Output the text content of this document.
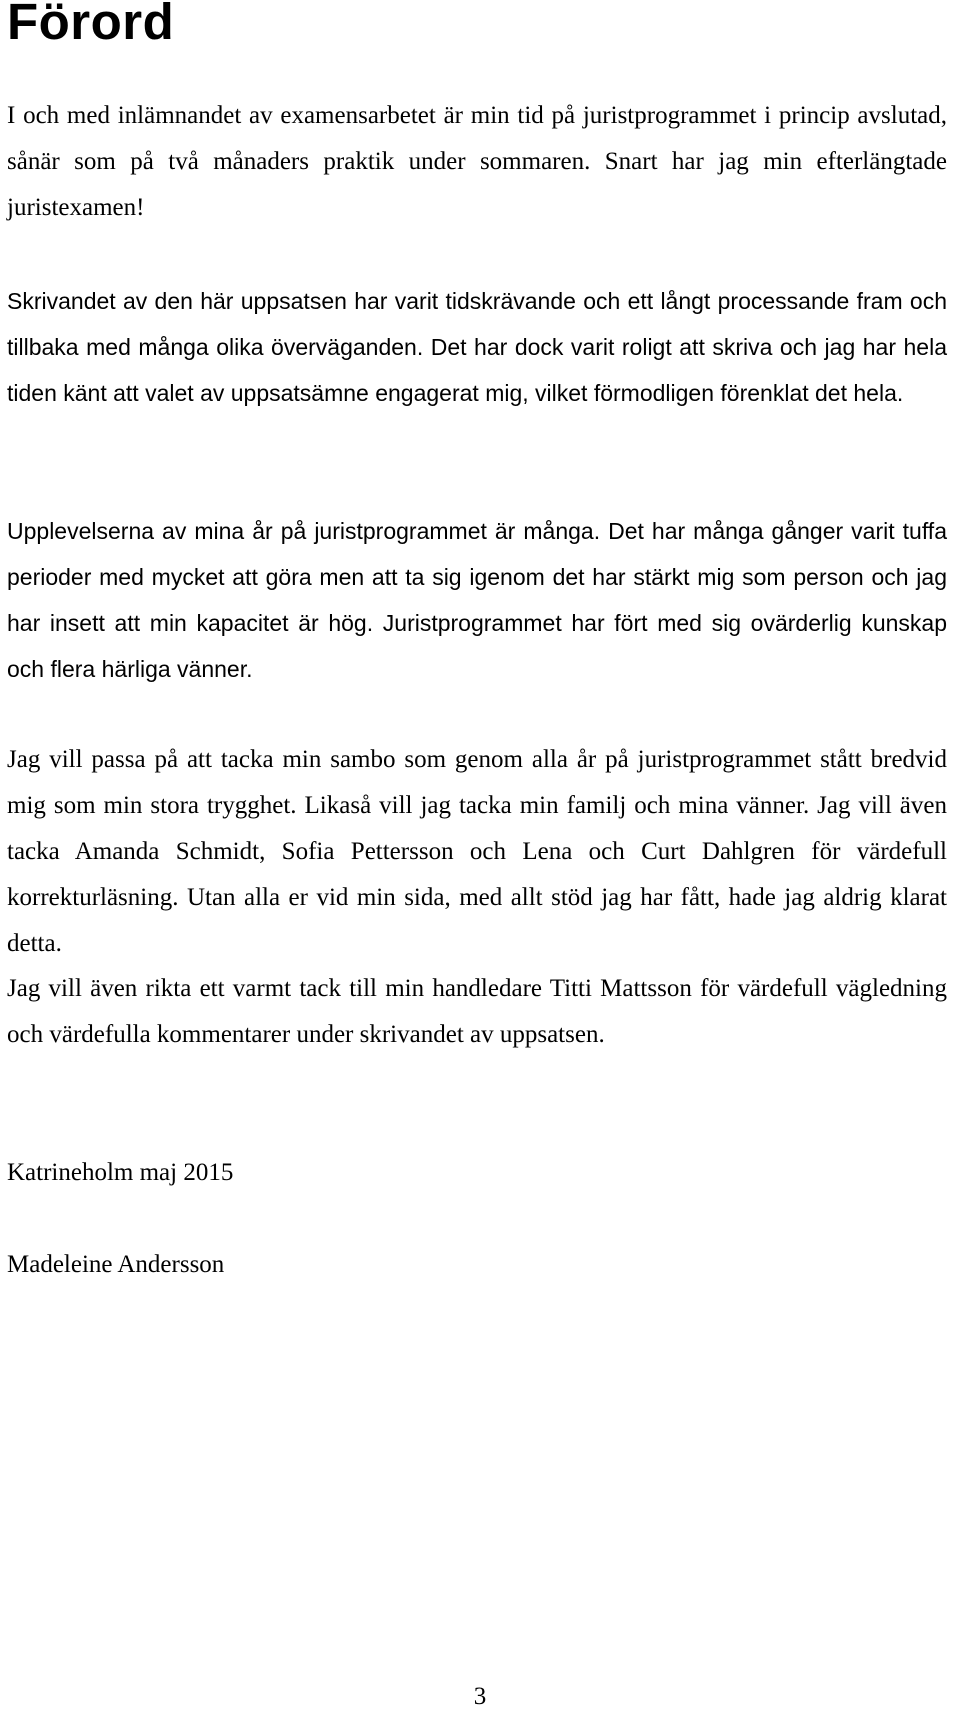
Förord

I och med inlämnandet av examensarbetet är min tid på juristprogrammet i princip avslutad, sånär som på två månaders praktik under sommaren. Snart har jag min efterlängtade juristexamen!

Skrivandet av den här uppsatsen har varit tidskrävande och ett långt processande fram och tillbaka med många olika överväganden. Det har dock varit roligt att skriva och jag har hela tiden känt att valet av uppsatsämne engagerat mig, vilket förmodligen förenklat det hela.

Upplevelserna av mina år på juristprogrammet är många. Det har många gånger varit tuffa perioder med mycket att göra men att ta sig igenom det har stärkt mig som person och jag har insett att min kapacitet är hög. Juristprogrammet har fört med sig ovärderlig kunskap och flera härliga vänner.

Jag vill passa på att tacka min sambo som genom alla år på juristprogrammet stått bredvid mig som min stora trygghet. Likaså vill jag tacka min familj och mina vänner. Jag vill även tacka Amanda Schmidt, Sofia Pettersson och Lena och Curt Dahlgren för värdefull korrekturläsning. Utan alla er vid min sida, med allt stöd jag har fått, hade jag aldrig klarat detta.

Jag vill även rikta ett varmt tack till min handledare Titti Mattsson för värdefull vägledning och värdefulla kommentarer under skrivandet av uppsatsen.

Katrineholm maj 2015

Madeleine Andersson

3
